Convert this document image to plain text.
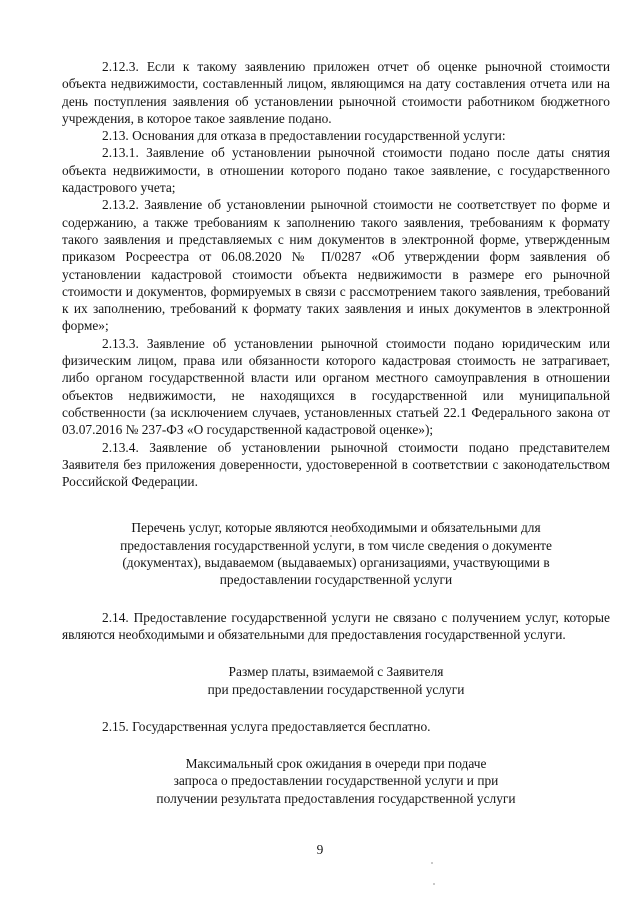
2.12.3. Если к такому заявлению приложен отчет об оценке рыночной стоимости объекта недвижимости, составленный лицом, являющимся на дату составления отчета или на день поступления заявления об установлении рыночной стоимости работником бюджетного учреждения, в которое такое заявление подано.

2.13. Основания для отказа в предоставлении государственной услуги:

2.13.1. Заявление об установлении рыночной стоимости подано после даты снятия объекта недвижимости, в отношении которого подано такое заявление, с государственного кадастрового учета;

2.13.2. Заявление об установлении рыночной стоимости не соответствует по форме и содержанию, а также требованиям к заполнению такого заявления, требованиям к формату такого заявления и представляемых с ним документов в электронной форме, утвержденным приказом Росреестра от 06.08.2020 № П/0287 «Об утверждении форм заявления об установлении кадастровой стоимости объекта недвижимости в размере его рыночной стоимости и документов, формируемых в связи с рассмотрением такого заявления, требований к их заполнению, требований к формату таких заявления и иных документов в электронной форме»;

2.13.3. Заявление об установлении рыночной стоимости подано юридическим или физическим лицом, права или обязанности которого кадастровая стоимость не затрагивает, либо органом государственной власти или органом местного самоуправления в отношении объектов недвижимости, не находящихся в государственной или муниципальной собственности (за исключением случаев, установленных статьей 22.1 Федерального закона от 03.07.2016 № 237-ФЗ «О государственной кадастровой оценке»);

2.13.4. Заявление об установлении рыночной стоимости подано представителем Заявителя без приложения доверенности, удостоверенной в соответствии с законодательством Российской Федерации.

Перечень услуг, которые являются необходимыми и обязательными для
предоставления государственной услуги, в том числе сведения о документе
(документах), выдаваемом (выдаваемых) организациями, участвующими в
предоставлении государственной услуги

2.14. Предоставление государственной услуги не связано с получением услуг, которые являются необходимыми и обязательными для предоставления государственной услуги.

Размер платы, взимаемой с Заявителя
при предоставлении государственной услуги

2.15. Государственная услуга предоставляется бесплатно.

Максимальный срок ожидания в очереди при подаче
запроса о предоставлении государственной услуги и при
получении результата предоставления государственной услуги
9
